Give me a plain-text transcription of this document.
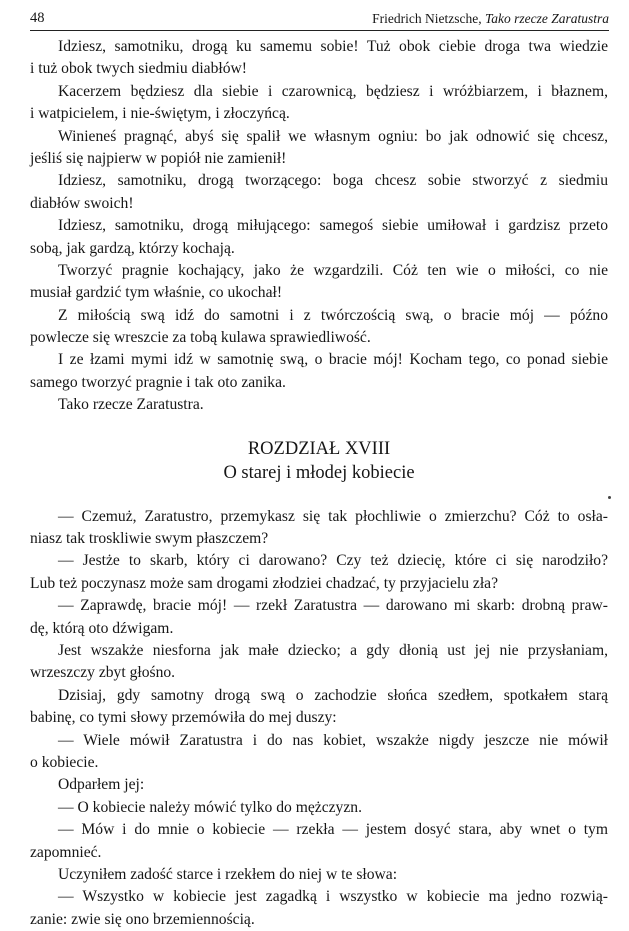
48	Friedrich Nietzsche, Tako rzecze Zaratustra
Idziesz, samotniku, drogą ku samemu sobie! Tuż obok ciebie droga twa wiedzie
i tuż obok twych siedmiu diabłów!
Kacerzem będziesz dla siebie i czarownicą, będziesz i wróżbiarzem, i błaznem,
i watpicielem, i nie-świętym, i złoczyńcą.
Winieneś pragnąć, abyś się spalił we własnym ogniu: bo jak odnowić się chcesz,
jeśliś się najpierw w popiół nie zamienił!
Idziesz, samotniku, drogą tworzącego: boga chcesz sobie stworzyć z siedmiu
diabłów swoich!
Idziesz, samotniku, drogą miłującego: samegoś siebie umiłował i gardzisz przeto
sobą, jak gardzą, którzy kochają.
Tworzyć pragnie kochający, jako że wzgardzili. Cóż ten wie o miłości, co nie
musiał gardzić tym właśnie, co ukochał!
Z miłością swą idź do samotni i z twórczością swą, o bracie mój — późno
powlecze się wreszcie za tobą kulawa sprawiedliwość.
I ze łzami mymi idź w samotnię swą, o bracie mój! Kocham tego, co ponad siebie
samego tworzyć pragnie i tak oto zanika.
Tako rzecze Zaratustra.
ROZDZIAŁ XVIII
O starej i młodej kobiecie
— Czemuż, Zaratustro, przemykasz się tak płochliwie o zmierzchu? Cóż to osła-
niasz tak troskliwie swym płaszczem?
— Jestże to skarb, który ci darowano? Czy też dziecię, które ci się narodziło?
Lub też poczynasz może sam drogami złodziei chadzać, ty przyjacielu zła?
— Zaprawdę, bracie mój! — rzekł Zaratustra — darowano mi skarb: drobną praw-
dę, którą oto dźwigam.
Jest wszakże niesforna jak małe dziecko; a gdy dłonią ust jej nie przysłaniam,
wrzeszczy zbyt głośno.
Dzisiaj, gdy samotny drogą swą o zachodzie słońca szedłem, spotkałem starą
babinę, co tymi słowy przemówiła do mej duszy:
— Wiele mówił Zaratustra i do nas kobiet, wszakże nigdy jeszcze nie mówił
o kobiecie.
Odparłem jej:
— O kobiecie należy mówić tylko do mężczyzn.
— Mów i do mnie o kobiecie — rzekła — jestem dosyć stara, aby wnet o tym
zapomnieć.
Uczyniłem zadość starce i rzekłem do niej w te słowa:
— Wszystko w kobiecie jest zagadką i wszystko w kobiecie ma jedno rozwią-
zanie: zwie się ono brzemiennością.
